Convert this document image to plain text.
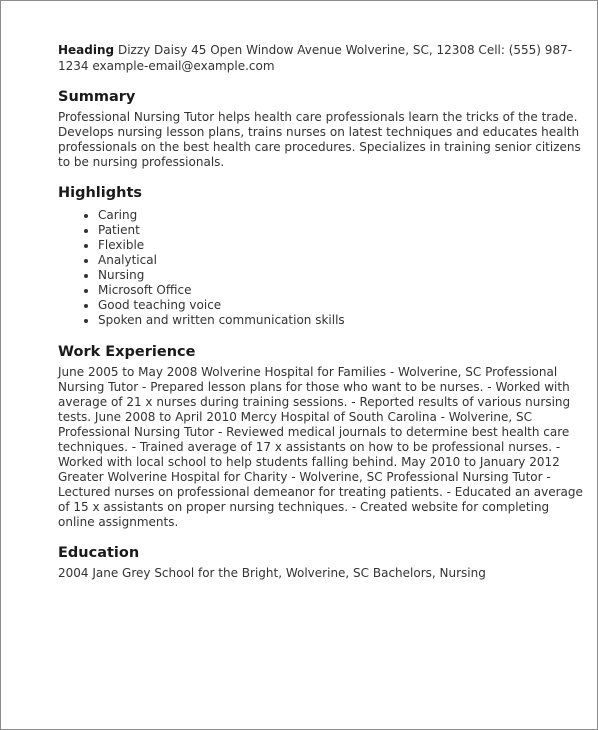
Heading Dizzy Daisy 45 Open Window Avenue Wolverine, SC, 12308 Cell: (555) 987-1234 example-email@example.com

Summary

Professional Nursing Tutor helps health care professionals learn the tricks of the trade. Develops nursing lesson plans, trains nurses on latest techniques and educates health professionals on the best health care procedures. Specializes in training senior citizens to be nursing professionals.

Highlights
• Caring
• Patient
• Flexible
• Analytical
• Nursing
• Microsoft Office
• Good teaching voice
• Spoken and written communication skills
Work Experience

June 2005 to May 2008 Wolverine Hospital for Families - Wolverine, SC Professional Nursing Tutor - Prepared lesson plans for those who want to be nurses. - Worked with average of 21 x nurses during training sessions. - Reported results of various nursing tests. June 2008 to April 2010 Mercy Hospital of South Carolina - Wolverine, SC Professional Nursing Tutor - Reviewed medical journals to determine best health care techniques. - Trained average of 17 x assistants on how to be professional nurses. - Worked with local school to help students falling behind. May 2010 to January 2012 Greater Wolverine Hospital for Charity - Wolverine, SC Professional Nursing Tutor - Lectured nurses on professional demeanor for treating patients. - Educated an average of 15 x assistants on proper nursing techniques. - Created website for completing online assignments.

Education

2004 Jane Grey School for the Bright, Wolverine, SC Bachelors, Nursing
